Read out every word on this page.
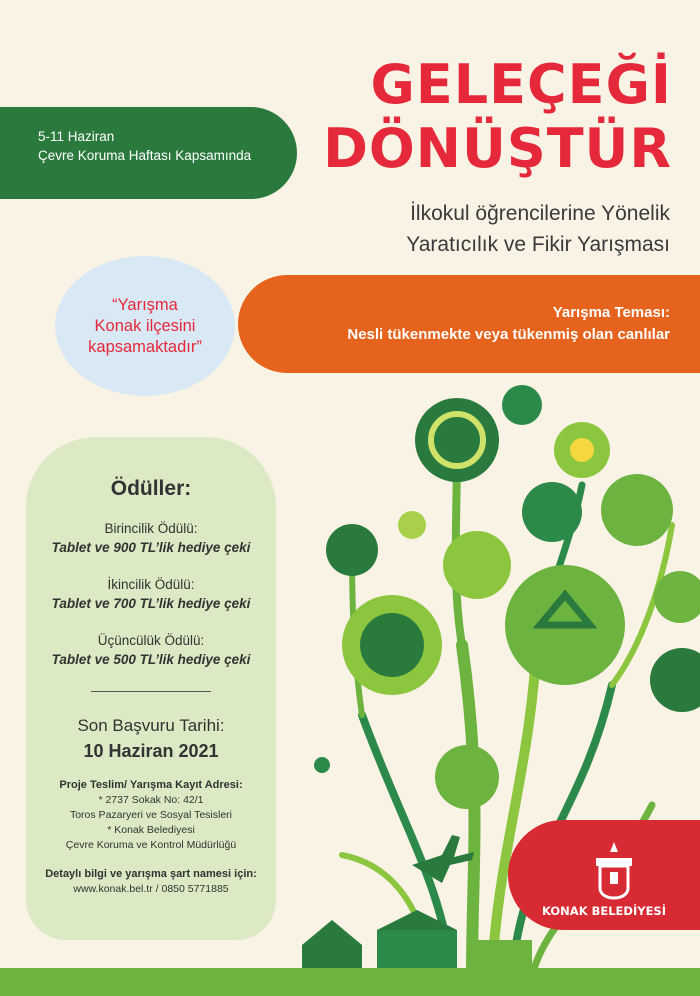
GELEÇEĞİ
DÖNÜŞTÜR
5-11 Haziran
Çevre Koruma Haftası Kapsamında
İlkokul öğrencilerine Yönelik
Yaratıcılık ve Fikir Yarışması
“Yarışma
Konak ilçesini
kapsamaktadır”
Yarışma Teması:
Nesli tükenmekte veya tükenmiş olan canlılar
Ödüller:
Birincilik Ödülü:
Tablet ve 900 TL’lik hediye çeki
İkincilik Ödülü:
Tablet ve 700 TL’lik hediye çeki
Üçüncülük Ödülü:
Tablet ve 500 TL’lik hediye çeki
Son Başvuru Tarihi:
10 Haziran 2021
Proje Teslim/ Yarışma Kayıt Adresi:
* 2737 Sokak No: 42/1
Toros Pazaryeri ve Sosyal Tesisleri
* Konak Belediyesi
Çevre Koruma ve Kontrol Müdürlüğü
Detaylı bilgi ve yarışma şart namesi için:
www.konak.bel.tr / 0850 5771885
KONAK BELEDİYESİ
